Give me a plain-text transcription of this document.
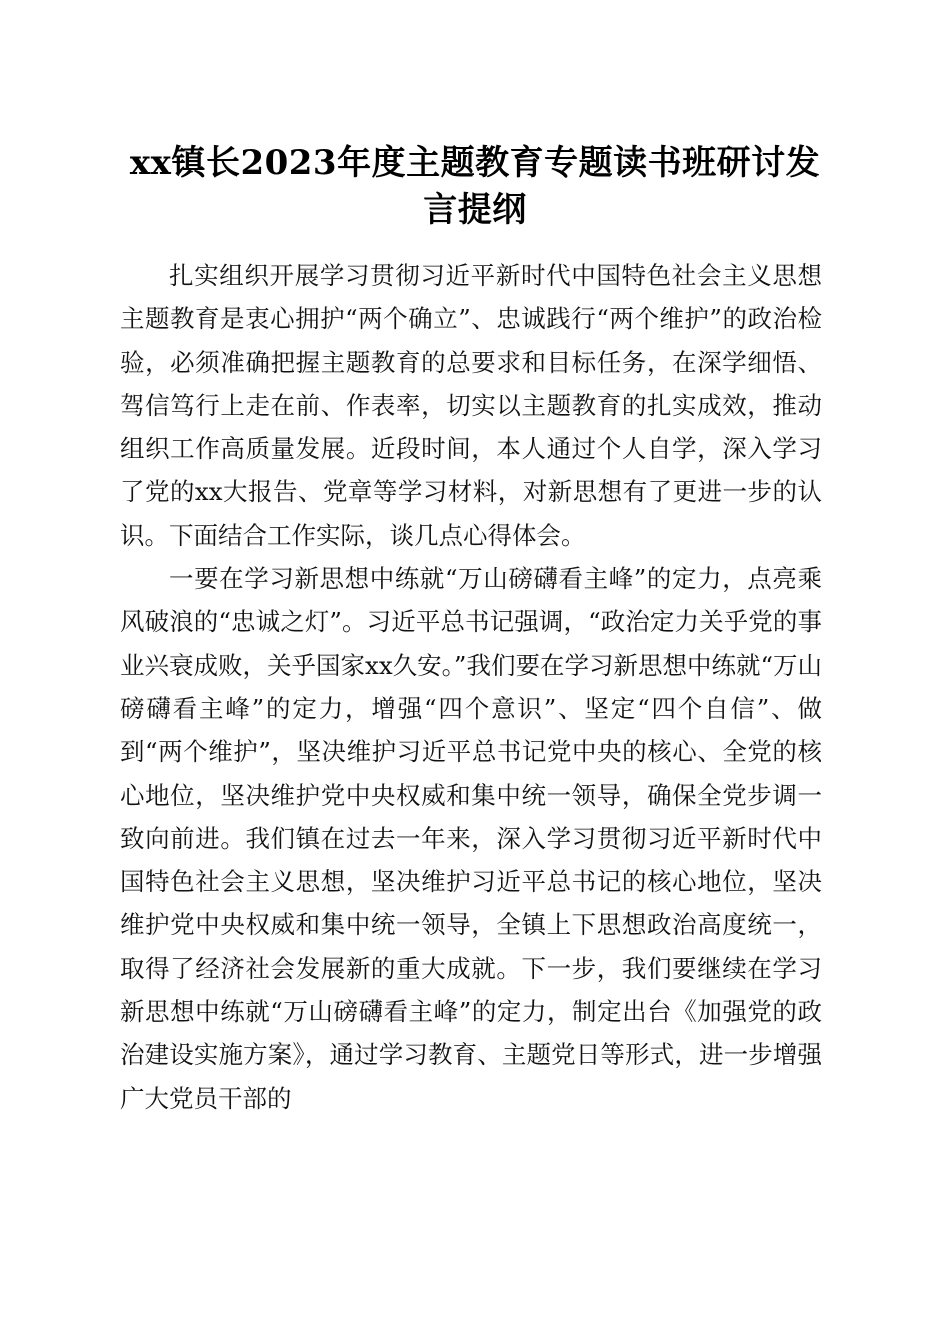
xx镇长2023年度主题教育专题读书班研讨发言提纲

扎实组织开展学习贯彻习近平新时代中国特色社会主义思想主题教育是衷心拥护“两个确立”、忠诚践行“两个维护”的政治检验，必须准确把握主题教育的总要求和目标任务，在深学细悟、驾信笃行上走在前、作表率，切实以主题教育的扎实成效，推动组织工作高质量发展。近段时间，本人通过个人自学，深入学习了党的xx大报告、党章等学习材料，对新思想有了更进一步的认识。下面结合工作实际，谈几点心得体会。

一要在学习新思想中练就“万山磅礴看主峰”的定力，点亮乘风破浪的“忠诚之灯”。习近平总书记强调，“政治定力关乎党的事业兴衰成败，关乎国家xx久安。”我们要在学习新思想中练就“万山磅礴看主峰”的定力，增强“四个意识”、坚定“四个自信”、做到“两个维护”，坚决维护习近平总书记党中央的核心、全党的核心地位，坚决维护党中央权威和集中统一领导，确保全党步调一致向前进。我们镇在过去一年来，深入学习贯彻习近平新时代中国特色社会主义思想，坚决维护习近平总书记的核心地位，坚决维护党中央权威和集中统一领导，全镇上下思想政治高度统一，取得了经济社会发展新的重大成就。下一步，我们要继续在学习新思想中练就“万山磅礴看主峰”的定力，制定出台《加强党的政治建设实施方案》，通过学习教育、主题党日等形式，进一步增强广大党员干部的
